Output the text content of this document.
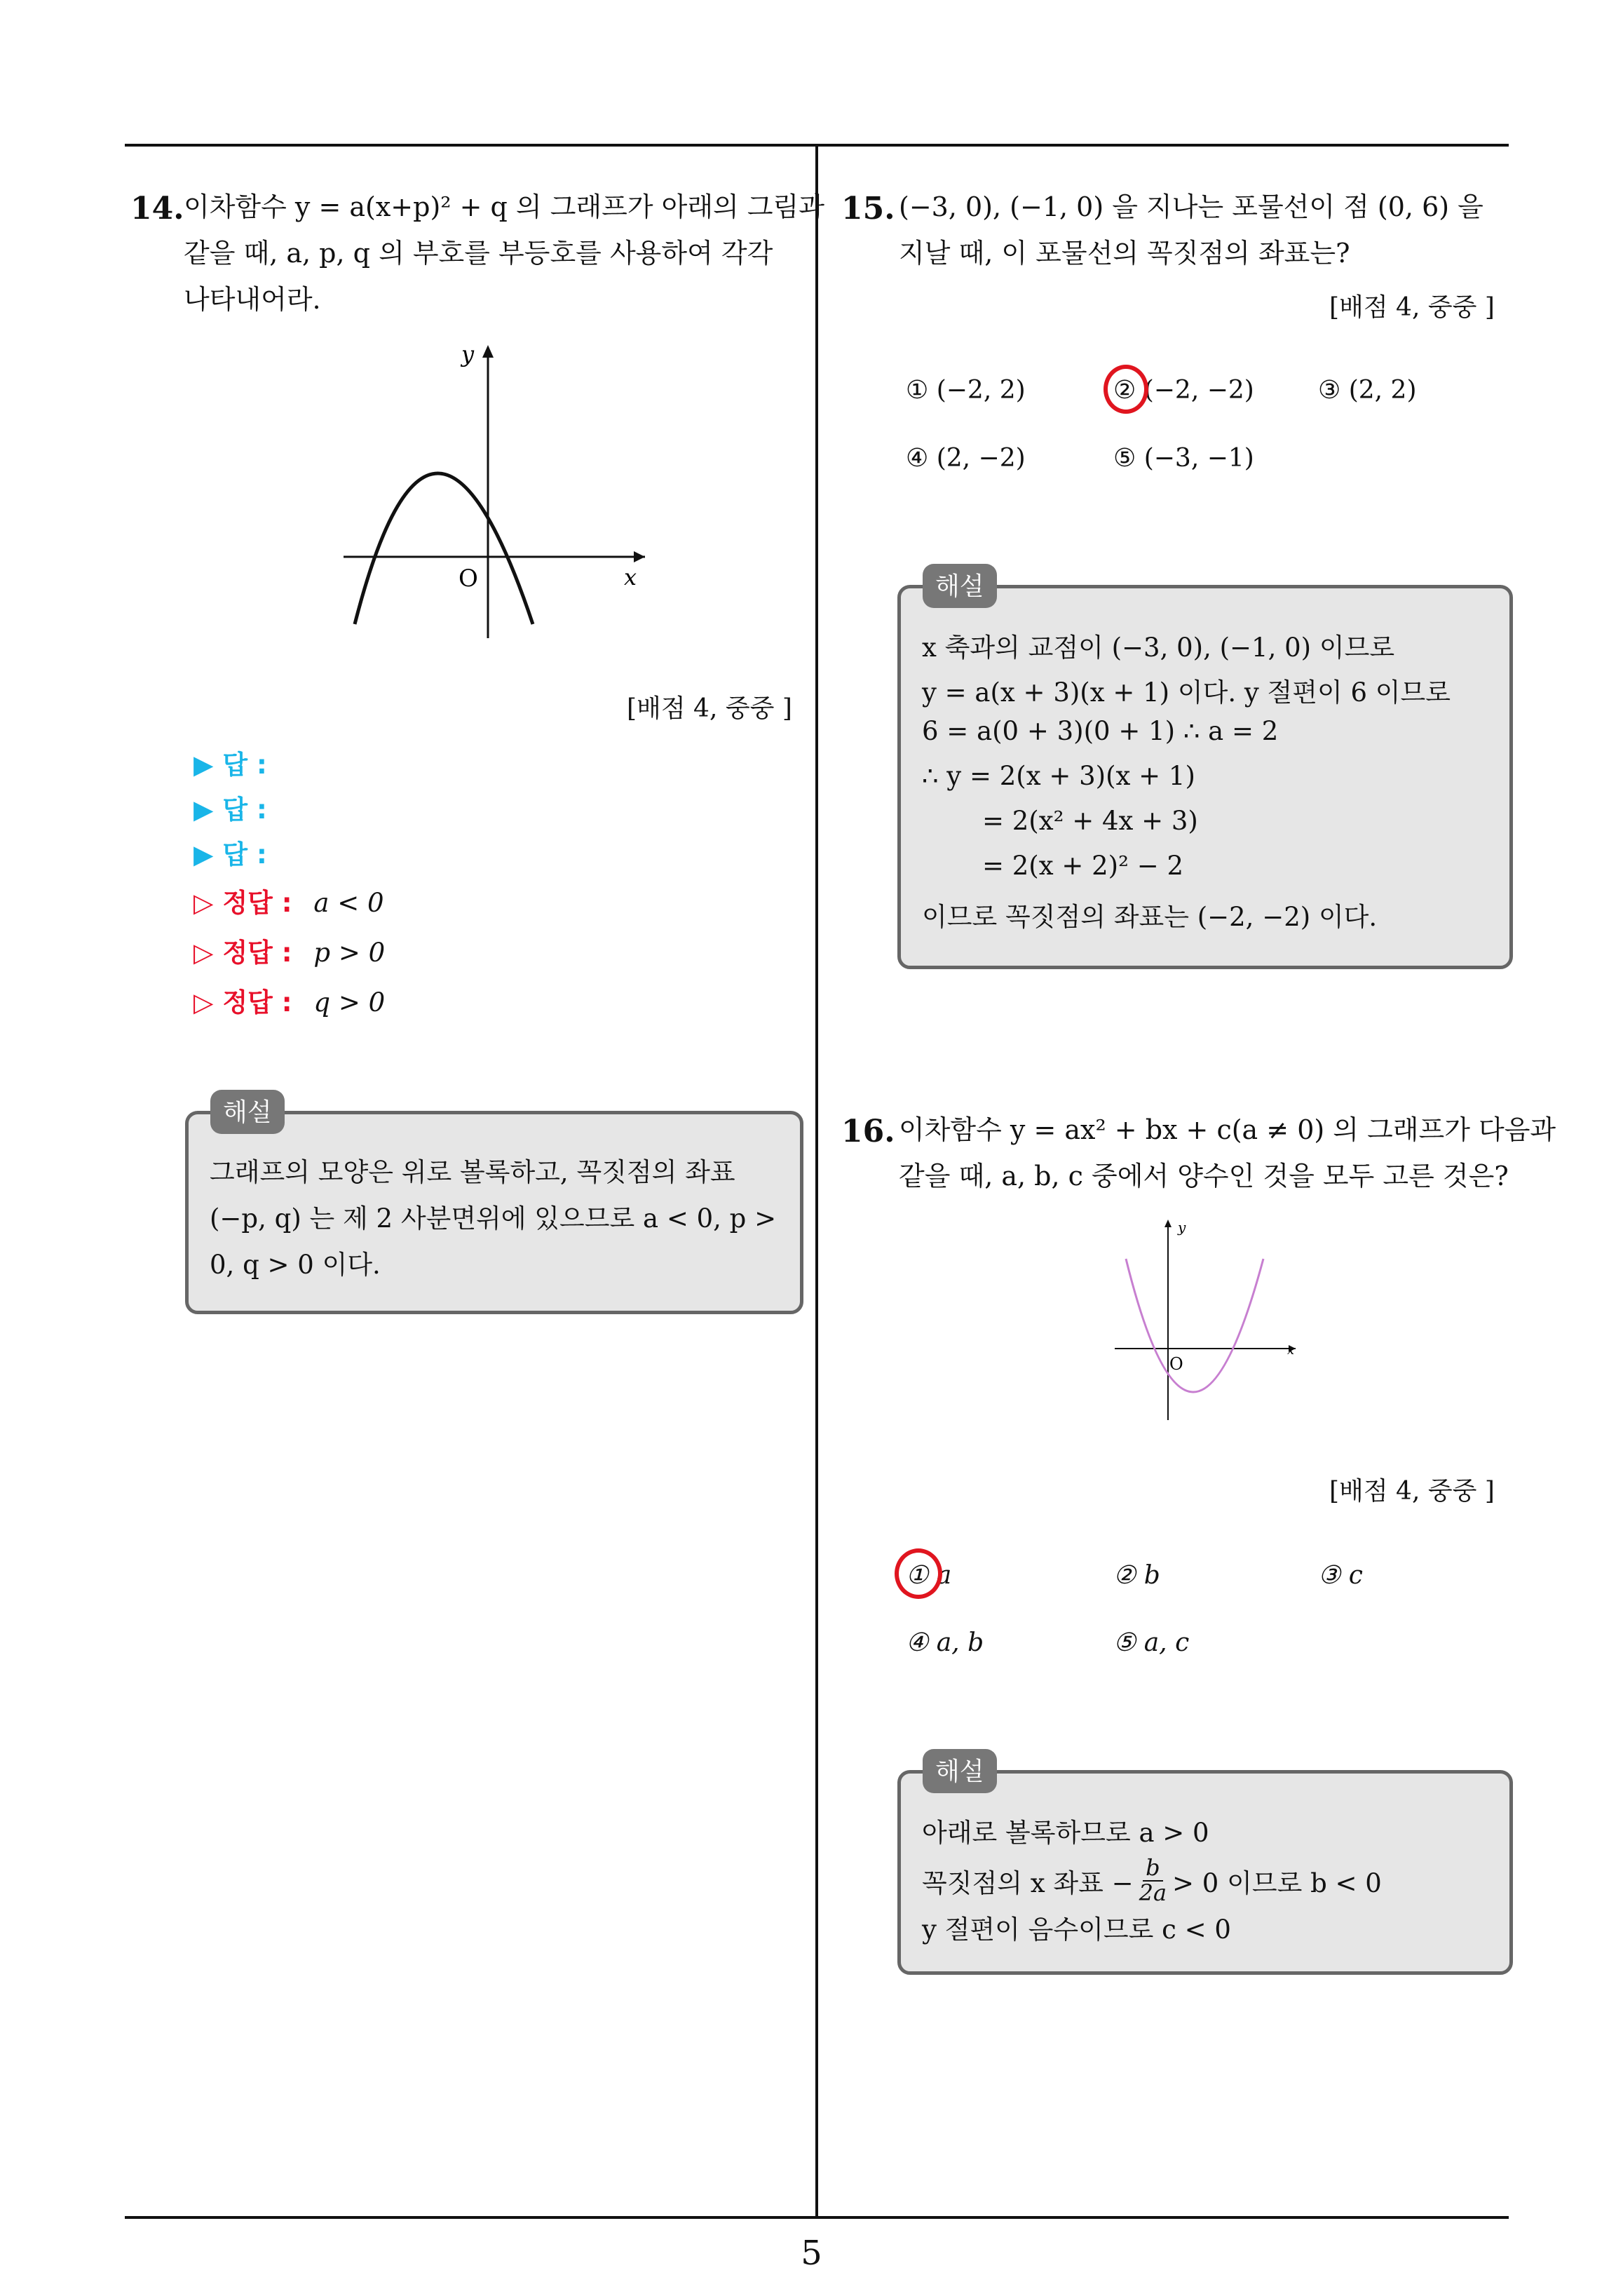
14. 이차함수 y = a(x+p)² + q 의 그래프가 아래의 그림과
같을 때, a, p, q 의 부호를 부등호를 사용하여 각각
나타내어라.
y
x
O
[배점 4, 중중 ]
▶ 답 :
▶ 답 :
▶ 답 :
▷ 정답 : a < 0
▷ 정답 : p > 0
▷ 정답 : q > 0
그래프의 모양은 위로 볼록하고, 꼭짓점의 좌표
(−p, q) 는 제 2 사분면위에 있으므로 a < 0, p >
0, q > 0 이다.
해설
15. (−3, 0), (−1, 0) 을 지나는 포물선이 점 (0, 6) 을
지날 때, 이 포물선의 꼭짓점의 좌표는?
[배점 4, 중중 ]
① (−2, 2)	② (−2, −2)	③ (2, 2)
④ (2, −2)	⑤ (−3, −1)
x 축과의 교점이 (−3, 0), (−1, 0) 이므로
y = a(x + 3)(x + 1) 이다. y 절편이 6 이므로
6 = a(0 + 3)(0 + 1) ∴ a = 2
∴ y = 2(x + 3)(x + 1)
= 2(x² + 4x + 3)
= 2(x + 2)² − 2
이므로 꼭짓점의 좌표는 (−2, −2) 이다.
해설
16. 이차함수 y = ax² + bx + c(a ≠ 0) 의 그래프가 다음과
같을 때, a, b, c 중에서 양수인 것을 모두 고른 것은?
y
x
O
[배점 4, 중중 ]
① a	② b	③ c
④ a, b	⑤ a, c
아래로 볼록하므로 a > 0
꼭짓점의 x 좌표 − $\frac{b}{2a} > 0$ 이므로 b < 0
y 절편이 음수이므로 c < 0
해설
5
